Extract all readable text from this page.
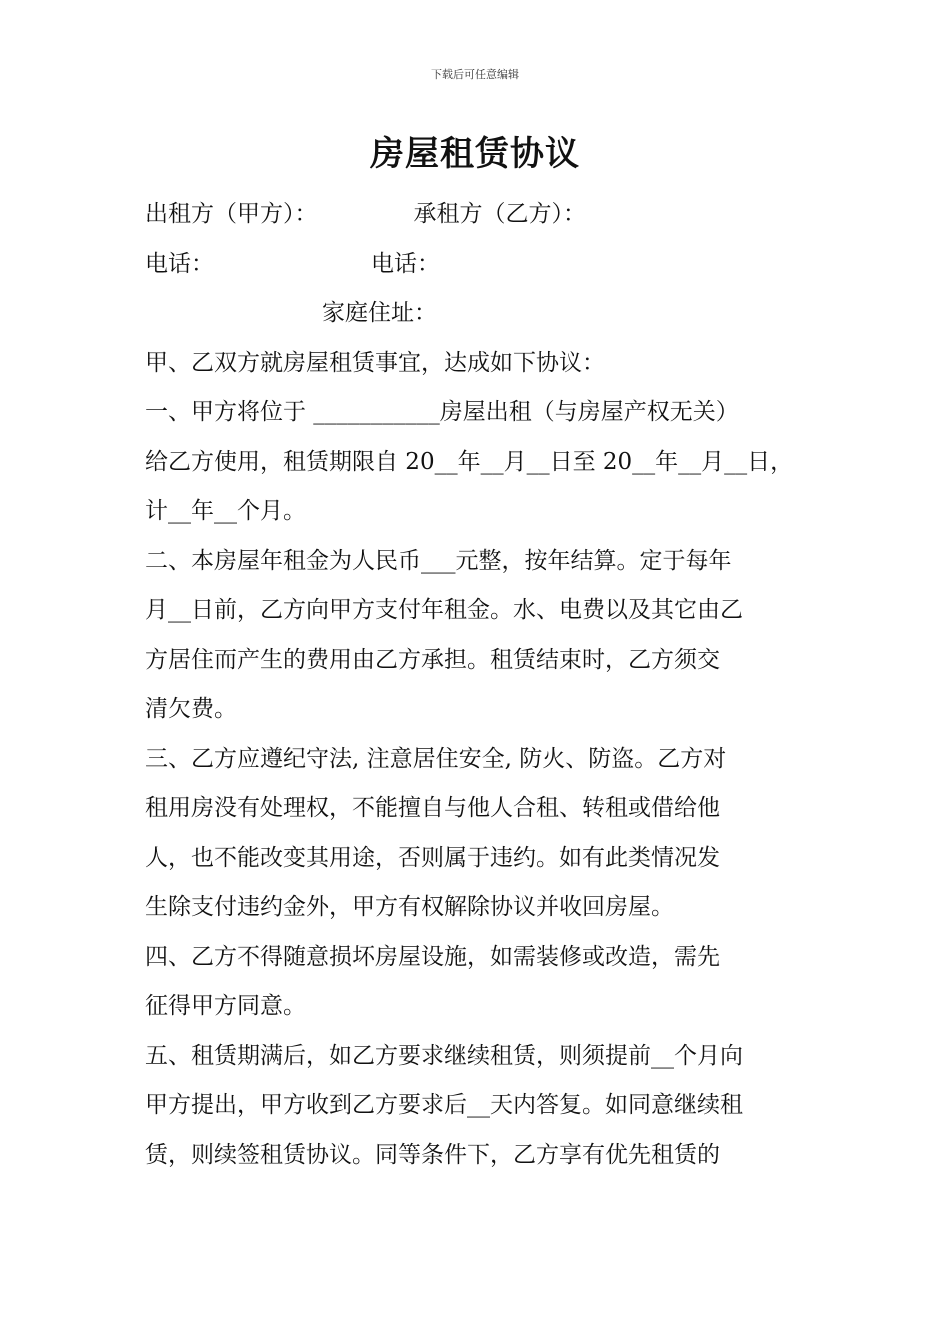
下载后可任意编辑
房屋租赁协议
出租方（甲方）：	承租方（乙方）：
电话：	电话：
家庭住址：
甲、乙双方就房屋租赁事宜，达成如下协议：
一、甲方将位于 ___________房屋出租（与房屋产权无关）
给乙方使用，租赁期限自 20__年__月__日至 20__年__月__日，
计__年__个月。
二、本房屋年租金为人民币___元整，按年结算。定于每年
月__日前，乙方向甲方支付年租金。水、电费以及其它由乙
方居住而产生的费用由乙方承担。租赁结束时，乙方须交
清欠费。
三、乙方应遵纪守法, 注意居住安全, 防火、防盗。乙方对
租用房没有处理权，不能擅自与他人合租、转租或借给他
人，也不能改变其用途，否则属于违约。如有此类情况发
生除支付违约金外，甲方有权解除协议并收回房屋。
四、乙方不得随意损坏房屋设施，如需装修或改造，需先
征得甲方同意。
五、租赁期满后，如乙方要求继续租赁，则须提前__个月向
甲方提出，甲方收到乙方要求后__天内答复。如同意继续租
赁，则续签租赁协议。同等条件下，乙方享有优先租赁的
